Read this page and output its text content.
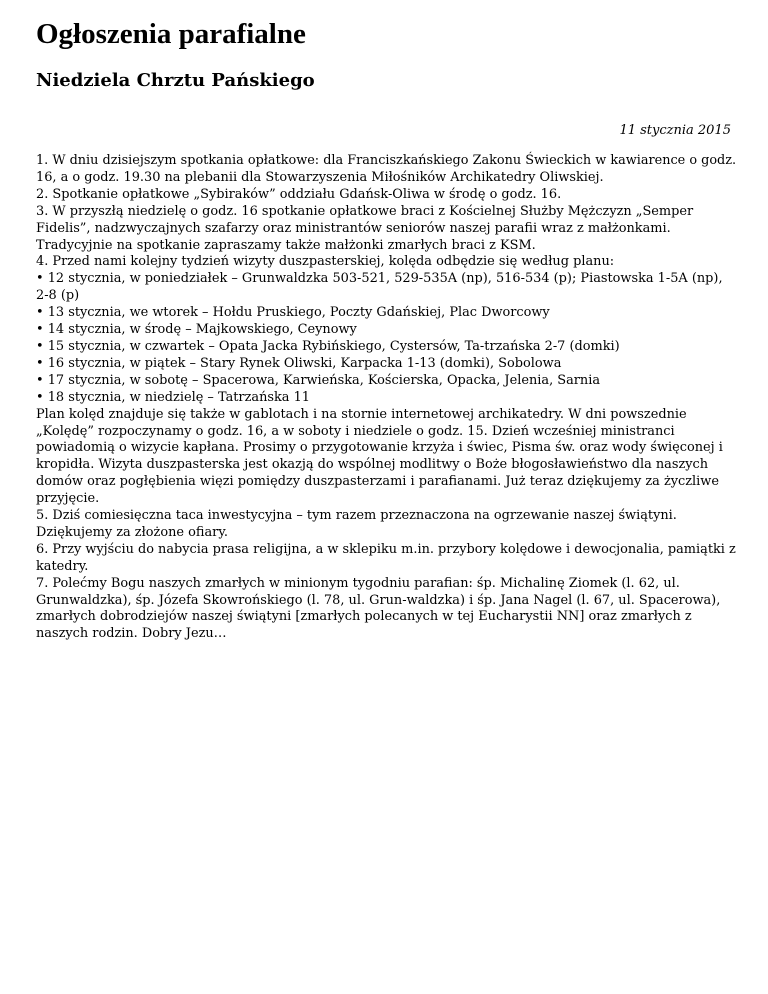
Ogłoszenia parafialne
Niedziela Chrztu Pańskiego

11 stycznia 2015

1. W dniu dzisiejszym spotkania opłatkowe: dla Franciszkańskiego Zakonu Świeckich w kawiarence o godz.
16, a o godz. 19.30 na plebanii dla Stowarzyszenia Miłośników Archikatedry Oliwskiej.
2. Spotkanie opłatkowe „Sybiraków” oddziału Gdańsk-Oliwa w środę o godz. 16.
3. W przyszłą niedzielę o godz. 16 spotkanie opłatkowe braci z Kościelnej Służby Mężczyzn „Semper
Fidelis”, nadzwyczajnych szafarzy oraz ministrantów seniorów naszej parafii wraz z małżonkami.
Tradycyjnie na spotkanie zapraszamy także małżonki zmarłych braci z KSM.
4. Przed nami kolejny tydzień wizyty duszpasterskiej, kolęda odbędzie się według planu:
• 12 stycznia, w poniedziałek – Grunwaldzka 503-521, 529-535A (np), 516-534 (p); Piastowska 1-5A (np),
2-8 (p)
• 13 stycznia, we wtorek – Hołdu Pruskiego, Poczty Gdańskiej, Plac Dworcowy
• 14 stycznia, w środę – Majkowskiego, Ceynowy
• 15 stycznia, w czwartek – Opata Jacka Rybińskiego, Cystersów, Ta-trzańska 2-7 (domki)
• 16 stycznia, w piątek – Stary Rynek Oliwski, Karpacka 1-13 (domki), Sobolowa
• 17 stycznia, w sobotę – Spacerowa, Karwieńska, Kościerska, Opacka, Jelenia, Sarnia
• 18 stycznia, w niedzielę – Tatrzańska 11
Plan kolęd znajduje się także w gablotach i na stornie internetowej archikatedry. W dni powszednie
„Kolędę” rozpoczynamy o godz. 16, a w soboty i niedziele o godz. 15. Dzień wcześniej ministranci
powiadomią o wizycie kapłana. Prosimy o przygotowanie krzyża i świec, Pisma św. oraz wody święconej i
kropidła. Wizyta duszpasterska jest okazją do wspólnej modlitwy o Boże błogosławieństwo dla naszych
domów oraz pogłębienia więzi pomiędzy duszpasterzami i parafianami. Już teraz dziękujemy za życzliwe
przyjęcie.
5. Dziś comiesięczna taca inwestycyjna – tym razem przeznaczona na ogrzewanie naszej świątyni.
Dziękujemy za złożone ofiary.
6. Przy wyjściu do nabycia prasa religijna, a w sklepiku m.in. przybory kolędowe i dewocjonalia, pamiątki z
katedry.
7. Polećmy Bogu naszych zmarłych w minionym tygodniu parafian: śp. Michalinę Ziomek (l. 62, ul.
Grunwaldzka), śp. Józefa Skowrońskiego (l. 78, ul. Grun-waldzka) i śp. Jana Nagel (l. 67, ul. Spacerowa),
zmarłych dobrodziejów naszej świątyni [zmarłych polecanych w tej Eucharystii NN] oraz zmarłych z
naszych rodzin. Dobry Jezu…
